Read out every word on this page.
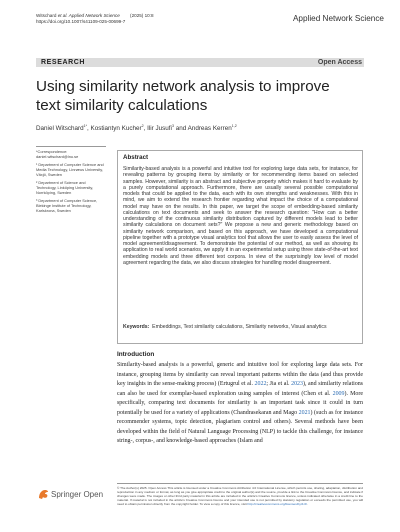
Witschard et al. Applied Network Science        (2025) 10:8
https://doi.org/10.1007/s41109-025-00699-7	Applied Network Science
RESEARCH	Open Access
Using similarity network analysis to improve text similarity calculations
Daniel Witschard$^{1*}$, Kostiantyn Kucher$^2$, Ilir Jusufi$^3$ and Andreas Kerren$^{1,2}$
*Correspondence:
daniel.witschard@lnu.se
¹ Department of Computer Science and Media Technology, Linnæus University, Växjö, Sweden
² Department of Science and Technology, Linköping University, Norrköping, Sweden
³ Department of Computer Science, Blekinge Institute of Technology, Karlskrona, Sweden
Abstract
Similarity-based analysis is a powerful and intuitive tool for exploring large data sets, for instance, for revealing patterns by grouping items by similarity or for recommending items based on selected samples. However, similarity is an abstract and subjective property which makes it hard to evaluate by a purely computational approach. Furthermore, there are usually several possible computational models that could be applied to the data, each with its own strengths and weaknesses. With this in mind, we aim to extend the research frontier regarding what impact the choice of a computational model may have on the results. In this paper, we target the scope of embedding-based similarity calculations on text documents and seek to answer the research question: "How can a better understanding of the continuous similarity distribution captured by different models lead to better similarity calculations on document sets?" We propose a new and generic methodology based on similarity network comparison, and based on this approach, we have developed a computational pipeline together with a prototype visual analytics tool that allows the user to easily assess the level of model agreement/disagreement. To demonstrate the potential of our method, as well as showing its application to real world scenarios, we apply it in an experimental setup using three state-of-the-art text embedding models and three different text corpora. In view of the surprisingly low level of model agreement regarding the data, we also discuss strategies for handling model disagreement.
Keywords: Embeddings, Text similarity calculations, Similarity networks, Visual analytics
Introduction
Similarity-based analysis is a powerful, generic and intuitive tool for exploring large data sets. For instance, grouping items by similarity can reveal important patterns within the data (and thus provide key insights in the sense-making process) (Ertugrul et al. 2022; Jia et al. 2023), and similarity relations can also be used for exemplar-based exploration using samples of interest (Chen et al. 2009). More specifically, comparing text documents for similarity is an important task since it could in turn potentially be used for a variety of applications (Chandrasekaran and Mago 2021) (such as for instance recommender systems, topic detection, plagiarism control and others). Several methods have been developed within the field of Natural Language Processing (NLP) to tackle this challenge, for instance string-, corpus-, and knowledge-based approaches (Islam and
Springer Open
© The Author(s) 2025. Open Access This article is licensed under a Creative Commons Attribution 4.0 International License, which permits use, sharing, adaptation, distribution and reproduction in any medium or format, as long as you give appropriate credit to the original author(s) and the source, provide a link to the Creative Commons licence, and indicate if changes were made. The images or other third party material in this article are included in the article's Creative Commons licence, unless indicated otherwise in a credit line to the material. If material is not included in the article's Creative Commons licence and your intended use is not permitted by statutory regulation or exceeds the permitted use, you will need to obtain permission directly from the copyright holder. To view a copy of this licence, visit http://creativecommons.org/licenses/by/4.0/.
